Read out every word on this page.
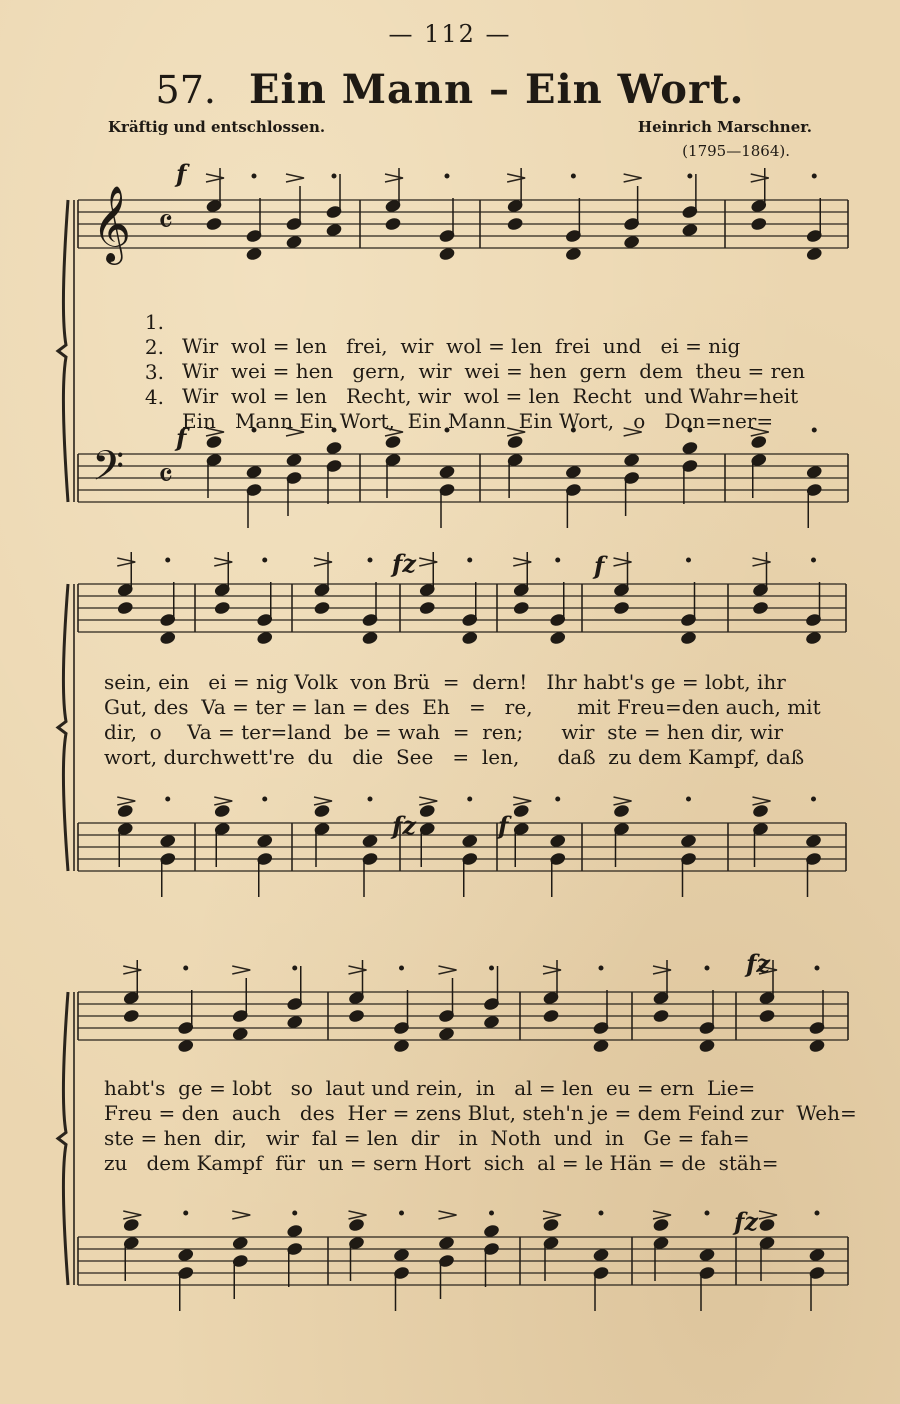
— 112 —
57. Ein Mann – Ein Wort.
Kräftig und entschlossen.	Heinrich Marschner.
(1795—1864).
𝄞
𝄢
𝄴
𝄴
f
f
fz	f
fz	f
fz
fz

1.

Wir  wol = len   frei,  wir  wol = len  frei  und   ei = nig

2.

Wir  wei = hen   gern,  wir  wei = hen  gern  dem  theu = ren

3.

Wir  wol = len   Recht, wir  wol = len  Recht  und Wahr=heit

4.

Ein   Mann Ein Wort,  Ein Mann  Ein Wort,   o   Don=ner=

sein, ein   ei = nig Volk  von Brü  =  dern!   Ihr habt's ge = lobt, ihr
Gut, des  Va = ter = lan = des  Eh   =   re,       mit Freu=den auch, mit
dir,  o    Va = ter=land  be = wah  =  ren;      wir  ste = hen dir, wir
wort, durchwett're  du   die  See   =  len,      daß  zu dem Kampf, daß
habt's  ge = lobt   so  laut und rein,  in   al = len  eu = ern  Lie=
Freu = den  auch   des  Her = zens Blut, steh'n je = dem Feind zur  Weh=
ste = hen  dir,   wir  fal = len  dir   in  Noth  und  in   Ge = fah=
zu   dem Kampf  für  un = sern Hort  sich  al = le Hän = de  stäh=
